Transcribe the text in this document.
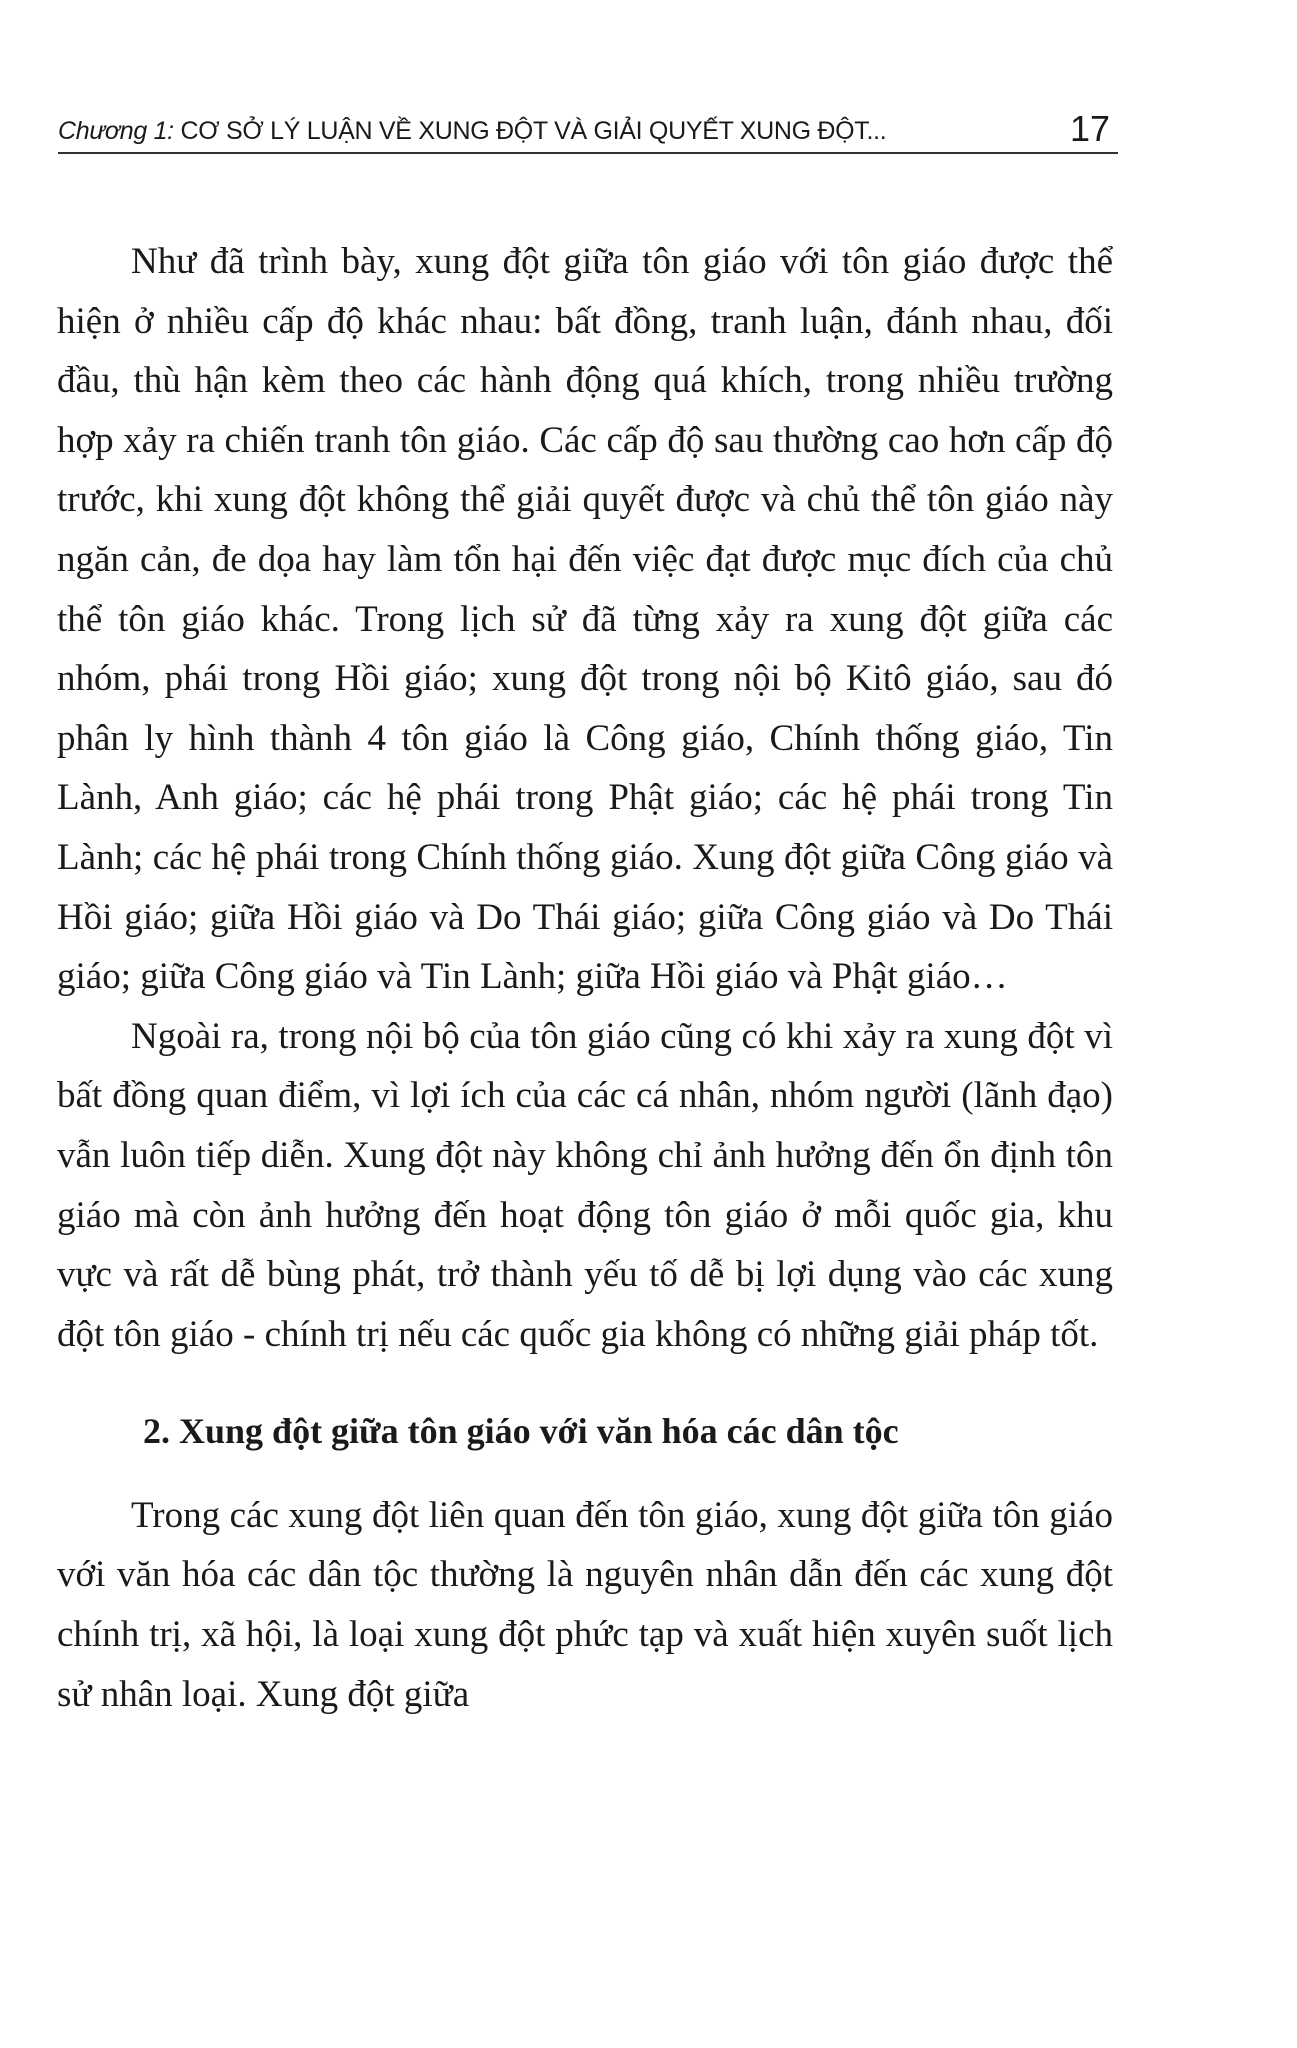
Chương 1: CƠ SỞ LÝ LUẬN VỀ XUNG ĐỘT VÀ GIẢI QUYẾT XUNG ĐỘT...	17

Như đã trình bày, xung đột giữa tôn giáo với tôn giáo được thể hiện ở nhiều cấp độ khác nhau: bất đồng, tranh luận, đánh nhau, đối đầu, thù hận kèm theo các hành động quá khích, trong nhiều trường hợp xảy ra chiến tranh tôn giáo. Các cấp độ sau thường cao hơn cấp độ trước, khi xung đột không thể giải quyết được và chủ thể tôn giáo này ngăn cản, đe dọa hay làm tổn hại đến việc đạt được mục đích của chủ thể tôn giáo khác. Trong lịch sử đã từng xảy ra xung đột giữa các nhóm, phái trong Hồi giáo; xung đột trong nội bộ Kitô giáo, sau đó phân ly hình thành 4 tôn giáo là Công giáo, Chính thống giáo, Tin Lành, Anh giáo; các hệ phái trong Phật giáo; các hệ phái trong Tin Lành; các hệ phái trong Chính thống giáo. Xung đột giữa Công giáo và Hồi giáo; giữa Hồi giáo và Do Thái giáo; giữa Công giáo và Do Thái giáo; giữa Công giáo và Tin Lành; giữa Hồi giáo và Phật giáo…

Ngoài ra, trong nội bộ của tôn giáo cũng có khi xảy ra xung đột vì bất đồng quan điểm, vì lợi ích của các cá nhân, nhóm người (lãnh đạo) vẫn luôn tiếp diễn. Xung đột này không chỉ ảnh hưởng đến ổn định tôn giáo mà còn ảnh hưởng đến hoạt động tôn giáo ở mỗi quốc gia, khu vực và rất dễ bùng phát, trở thành yếu tố dễ bị lợi dụng vào các xung đột tôn giáo - chính trị nếu các quốc gia không có những giải pháp tốt.

2. Xung đột giữa tôn giáo với văn hóa các dân tộc

Trong các xung đột liên quan đến tôn giáo, xung đột giữa tôn giáo với văn hóa các dân tộc thường là nguyên nhân dẫn đến các xung đột chính trị, xã hội, là loại xung đột phức tạp và xuất hiện xuyên suốt lịch sử nhân loại. Xung đột giữa
